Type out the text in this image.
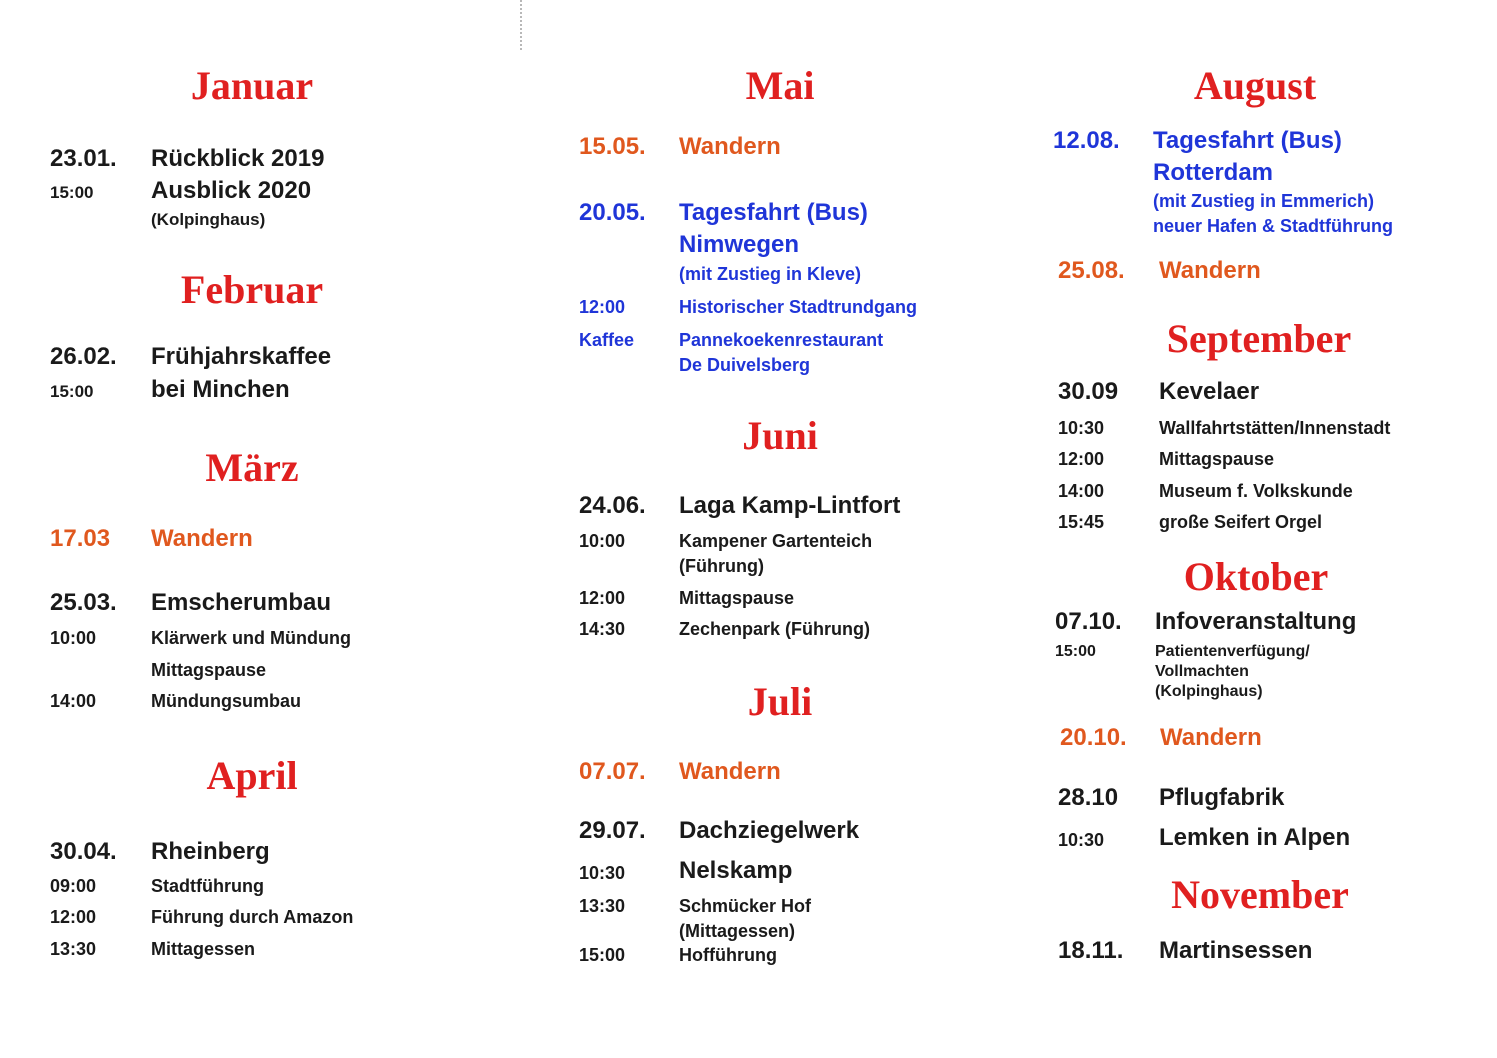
Januar
23.01. Rückblick 2019
15:00 Ausblick 2020
(Kolpinghaus)
Februar
26.02. Frühjahrskaffee
15:00 bei Minchen
März
17.03 Wandern
25.03. Emscherumbau
10:00	Klärwerk und Mündung
Mittagspause
14:00	Mündungsumbau
April
30.04. Rheinberg
09:00	Stadtführung
12:00	Führung durch Amazon
13:30	Mittagessen
Mai
15.05. Wandern
20.05. Tagesfahrt (Bus)
Nimwegen
(mit Zustieg in Kleve)
12:00	Historischer Stadtrundgang
Kaffee Pannekoekenrestaurant
De Duivelsberg
Juni
24.06. Laga Kamp-Lintfort
10:00	Kampener Gartenteich
(Führung)
12:00	Mittagspause
14:30	Zechenpark (Führung)
Juli
07.07. Wandern
29.07. Dachziegelwerk
10:30 Nelskamp
13:30	Schmücker Hof
(Mittagessen)
15:00	Hofführung
August
12.08. Tagesfahrt (Bus)
Rotterdam
(mit Zustieg in Emmerich)
neuer Hafen & Stadtführung
25.08. Wandern
September
30.09 Kevelaer
10:30	Wallfahrtstätten/Innenstadt
12:00	Mittagspause
14:00	Museum f. Volkskunde
15:45	große Seifert Orgel
Oktober
07.10. Infoveranstaltung
15:00	Patientenverfügung/
Vollmachten
(Kolpinghaus)
20.10. Wandern
28.10 Pflugfabrik
10:30 Lemken in Alpen
November
18.11. Martinsessen
